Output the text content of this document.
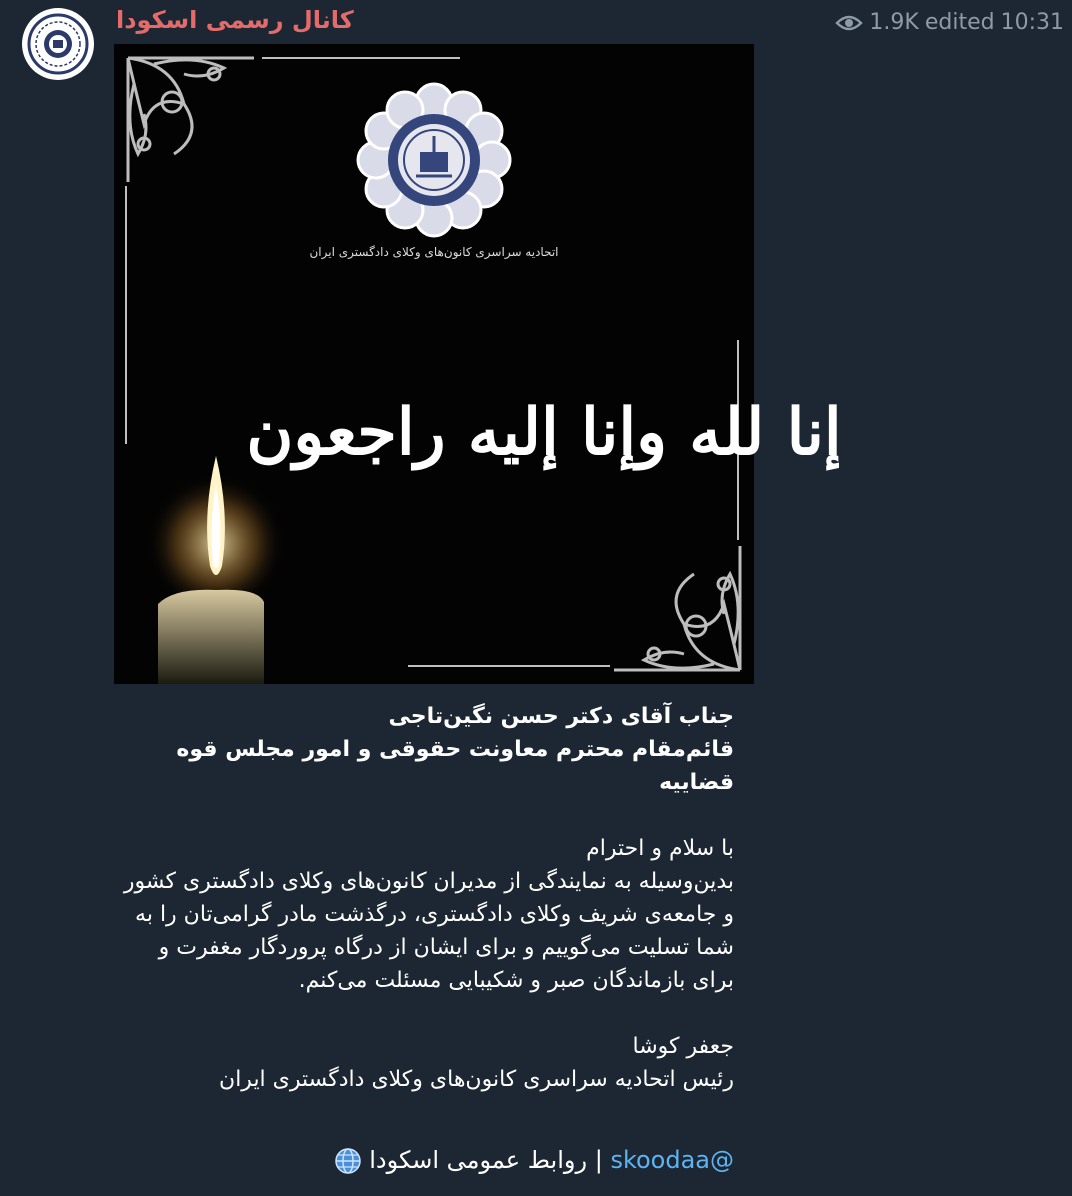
کانال رسمی اسکودا	1.9K edited 10:31
اتحادیه سراسری کانون‌های وکلای دادگستری ایران
إنا لله وإنا إليه راجعون

جناب آقای دکتر حسن نگین‌تاجی

قائم‌مقام محترم معاونت حقوقی و امور مجلس قوه قضاییه

با سلام و احترام

بدین‌وسیله به نمایندگی از مدیران کانون‌های وکلای دادگستری کشور و جامعه‌ی شریف وکلای دادگستری، درگذشت مادر گرامی‌تان را به شما تسلیت می‌گوییم و برای ایشان از درگاه پروردگار مغفرت و برای بازماندگان صبر و شکیبایی مسئلت می‌کنم.

جعفر کوشا

رئیس اتحادیه سراسری کانون‌های وکلای دادگستری ایران

@skoodaa | روابط عمومی اسکودا
